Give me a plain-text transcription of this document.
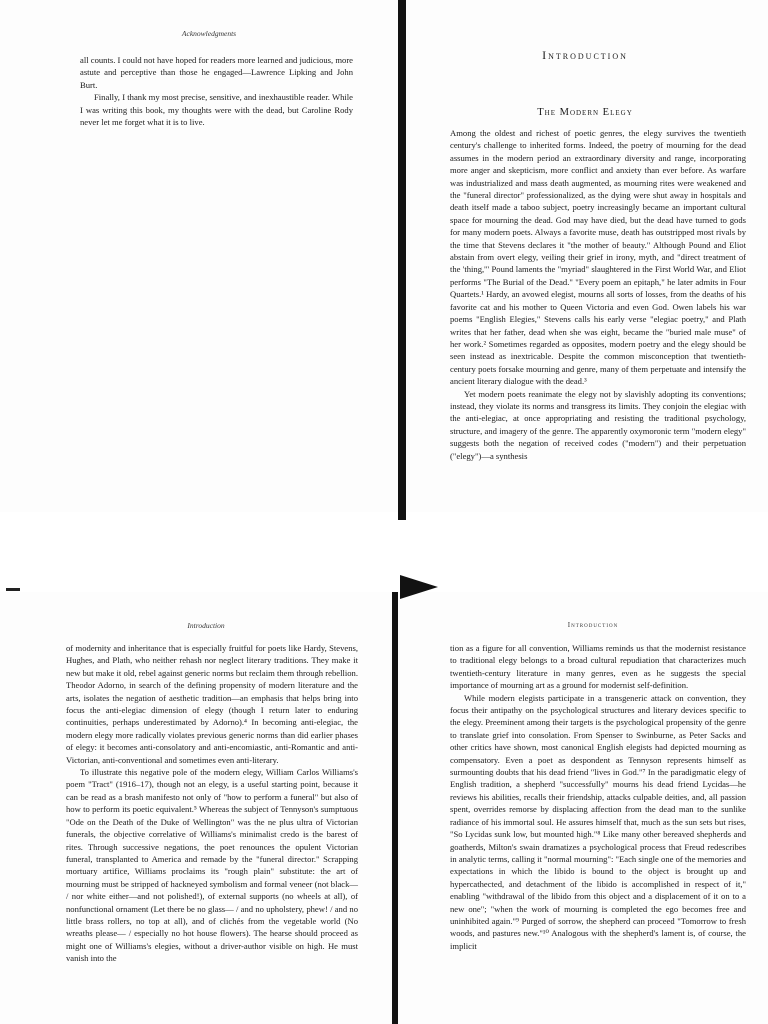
Acknowledgments

all counts. I could not have hoped for readers more learned and judicious, more astute and perceptive than those he engaged—Lawrence Lipking and John Burt.

Finally, I thank my most precise, sensitive, and inexhaustible reader. While I was writing this book, my thoughts were with the dead, but Caroline Rody never let me forget what it is to live.

Introduction
The Modern Elegy

Among the oldest and richest of poetic genres, the elegy survives the twentieth century's challenge to inherited forms. Indeed, the poetry of mourning for the dead assumes in the modern period an extraordinary diversity and range, incorporating more anger and skepticism, more conflict and anxiety than ever before. As warfare was industrialized and mass death augmented, as mourning rites were weakened and the "funeral director" professionalized, as the dying were shut away in hospitals and death itself made a taboo subject, poetry increasingly became an important cultural space for mourning the dead. God may have died, but the dead have turned to gods for many modern poets. Always a favorite muse, death has outstripped most rivals by the time that Stevens declares it "the mother of beauty." Although Pound and Eliot abstain from overt elegy, veiling their grief in irony, myth, and "direct treatment of the 'thing,'" Pound laments the "myriad" slaughtered in the First World War, and Eliot performs "The Burial of the Dead." "Every poem an epitaph," he later admits in Four Quartets.¹ Hardy, an avowed elegist, mourns all sorts of losses, from the deaths of his favorite cat and his mother to Queen Victoria and even God. Owen labels his war poems "English Elegies," Stevens calls his early verse "elegiac poetry," and Plath writes that her father, dead when she was eight, became the "buried male muse" of her work.² Sometimes regarded as opposites, modern poetry and the elegy should be seen instead as inextricable. Despite the common misconception that twentieth-century poets forsake mourning and genre, many of them perpetuate and intensify the ancient literary dialogue with the dead.³

Yet modern poets reanimate the elegy not by slavishly adopting its conventions; instead, they violate its norms and transgress its limits. They conjoin the elegiac with the anti-elegiac, at once appropriating and resisting the traditional psychology, structure, and imagery of the genre. The apparently oxymoronic term "modern elegy" suggests both the negation of received codes ("modern") and their perpetuation ("elegy")—a synthesis

Introduction

of modernity and inheritance that is especially fruitful for poets like Hardy, Stevens, Hughes, and Plath, who neither rehash nor neglect literary traditions. They make it new but make it old, rebel against generic norms but reclaim them through rebellion. Theodor Adorno, in search of the defining propensity of modern literature and the arts, isolates the negation of aesthetic tradition—an emphasis that helps bring into focus the anti-elegiac dimension of elegy (though I return later to enduring continuities, perhaps underestimated by Adorno).⁴ In becoming anti-elegiac, the modern elegy more radically violates previous generic norms than did earlier phases of elegy: it becomes anti-consolatory and anti-encomiastic, anti-Romantic and anti-Victorian, anti-conventional and sometimes even anti-literary.

To illustrate this negative pole of the modern elegy, William Carlos Williams's poem "Tract" (1916–17), though not an elegy, is a useful starting point, because it can be read as a brash manifesto not only of "how to perform a funeral" but also of how to perform its poetic equivalent.⁵ Whereas the subject of Tennyson's sumptuous "Ode on the Death of the Duke of Wellington" was the ne plus ultra of Victorian funerals, the objective correlative of Williams's minimalist credo is the barest of rites. Through successive negations, the poet renounces the opulent Victorian funeral, transplanted to America and remade by the "funeral director." Scrapping mortuary artifice, Williams proclaims its "rough plain" substitute: the art of mourning must be stripped of hackneyed symbolism and formal veneer (not black— / nor white either—and not polished!), of external supports (no wheels at all), of nonfunctional ornament (Let there be no glass— / and no upholstery, phew! / and no little brass rollers, no top at all), and of clichés from the vegetable world (No wreaths please— / especially no hot house flowers). The hearse should proceed as might one of Williams's elegies, without a driver-author visible on high. He must vanish into the

Introduction

tion as a figure for all convention, Williams reminds us that the modernist resistance to traditional elegy belongs to a broad cultural repudiation that characterizes much twentieth-century literature in many genres, even as he suggests the special importance of mourning art as a ground for modernist self-definition.

While modern elegists participate in a transgeneric attack on convention, they focus their antipathy on the psychological structures and literary devices specific to the elegy. Preeminent among their targets is the psychological propensity of the genre to translate grief into consolation. From Spenser to Swinburne, as Peter Sacks and other critics have shown, most canonical English elegists had depicted mourning as compensatory. Even a poet as despondent as Tennyson represents himself as surmounting doubts that his dead friend "lives in God."⁷ In the paradigmatic elegy of English tradition, a shepherd "successfully" mourns his dead friend Lycidas—he reviews his abilities, recalls their friendship, attacks culpable deities, and, all passion spent, overrides remorse by displacing affection from the dead man to the sunlike radiance of his immortal soul. He assures himself that, much as the sun sets but rises, "So Lycidas sunk low, but mounted high."⁸ Like many other bereaved shepherds and goatherds, Milton's swain dramatizes a psychological process that Freud redescribes in analytic terms, calling it "normal mourning": "Each single one of the memories and expectations in which the libido is bound to the object is brought up and hypercathected, and detachment of the libido is accomplished in respect of it," enabling "withdrawal of the libido from this object and a displacement of it on to a new one"; "when the work of mourning is completed the ego becomes free and uninhibited again."⁹ Purged of sorrow, the shepherd can proceed "Tomorrow to fresh woods, and pastures new."¹⁰ Analogous with the shepherd's lament is, of course, the implicit
